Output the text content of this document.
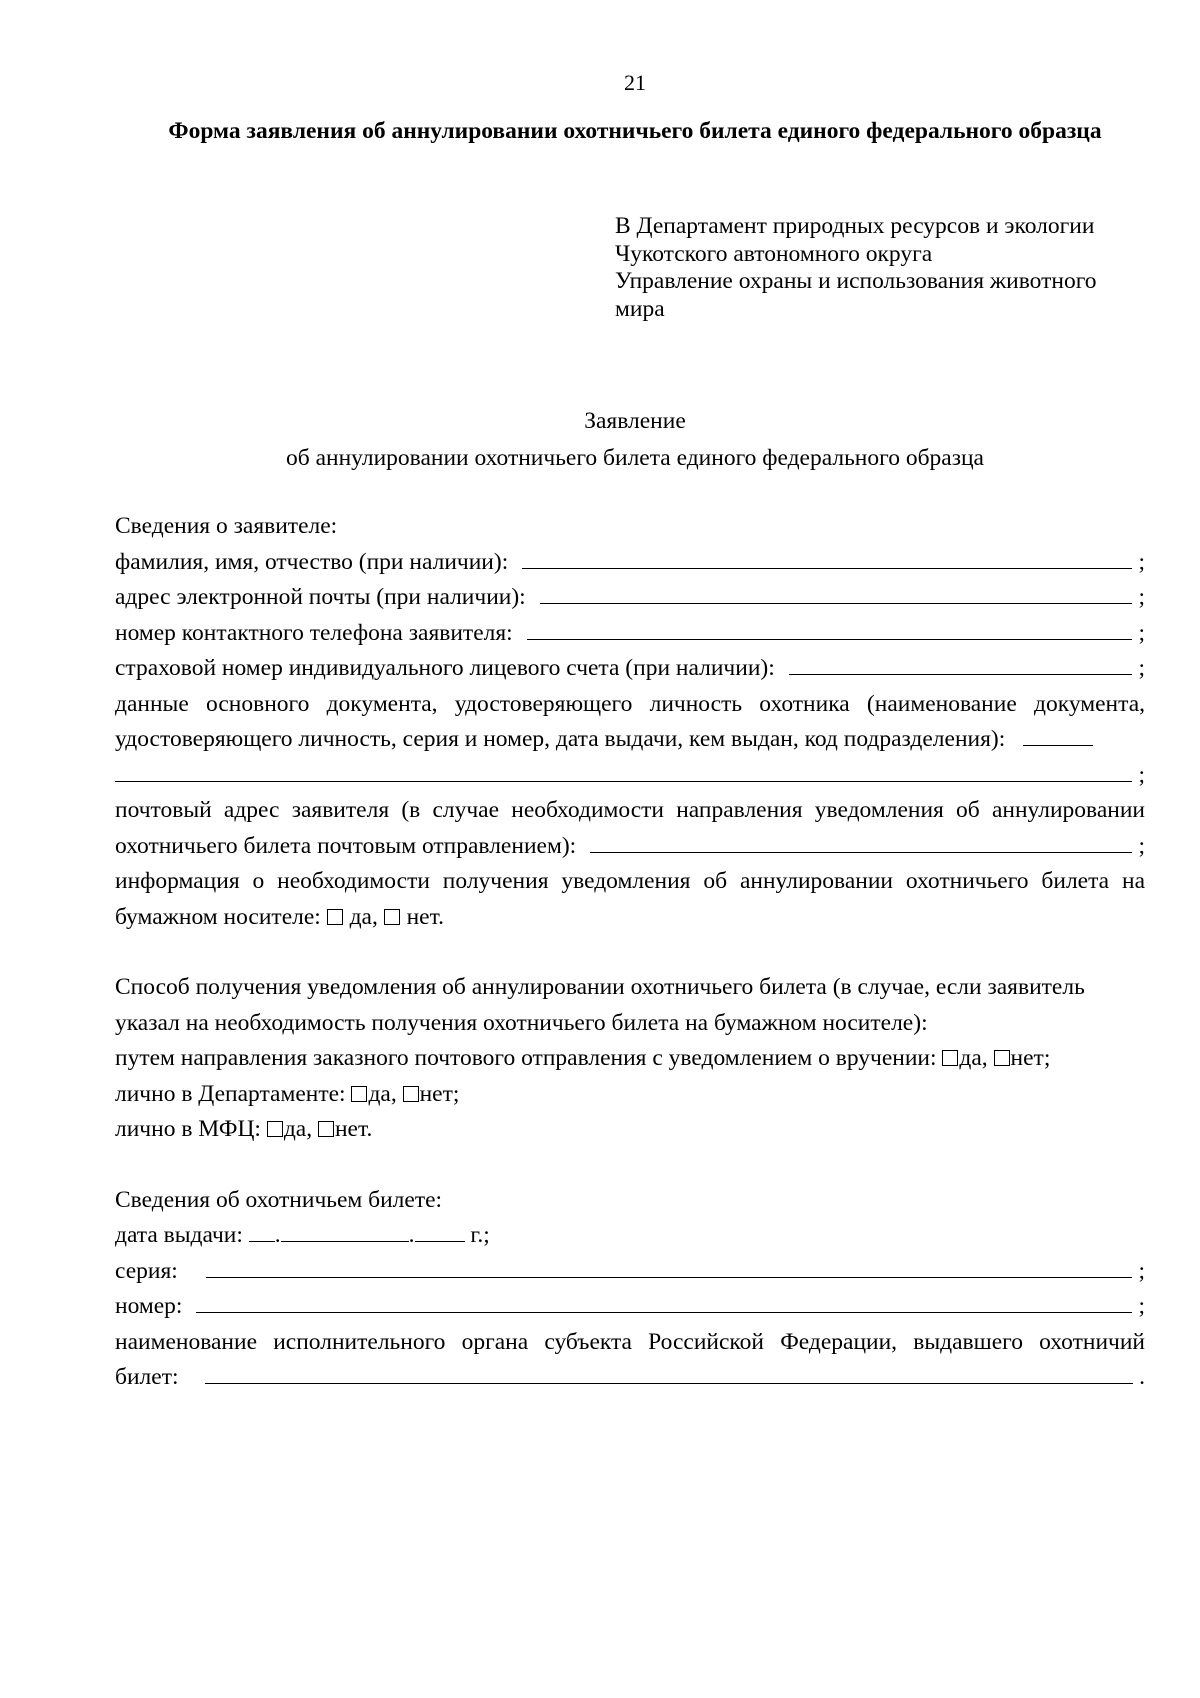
21
Форма заявления об аннулировании охотничьего билета единого федерального образца
В Департамент природных ресурсов и экологии
Чукотского автономного округа
Управление охраны и использования животного
мира
Заявление
об аннулировании охотничьего билета единого федерального образца
Сведения о заявителе:
фамилия, имя, отчество (при наличии):	;
адрес электронной почты (при наличии):	;
номер контактного телефона заявителя:	;
страховой номер индивидуального лицевого счета (при наличии):	;
данные основного документа, удостоверяющего личность охотника (наименование документа,
удостоверяющего личность, серия и номер, дата выдачи, кем выдан, код подразделения):
;
почтовый адрес заявителя (в случае необходимости направления уведомления об аннулировании
охотничьего билета почтовым отправлением):	;
информация о необходимости получения уведомления об аннулировании охотничьего билета на
бумажном носителе:  да,  нет.
Способ получения уведомления об аннулировании охотничьего билета (в случае, если заявитель
указал на необходимость получения охотничьего билета на бумажном носителе):
путем направления заказного почтового отправления с уведомлением о вручении: да, нет;
лично в Департаменте: да, нет;
лично в МФЦ: да, нет.
Сведения об охотничьем билете:
дата выдачи: .	. г.;
серия:	;
номер:	;
наименование исполнительного органа субъекта Российской Федерации, выдавшего охотничий
билет:	.
